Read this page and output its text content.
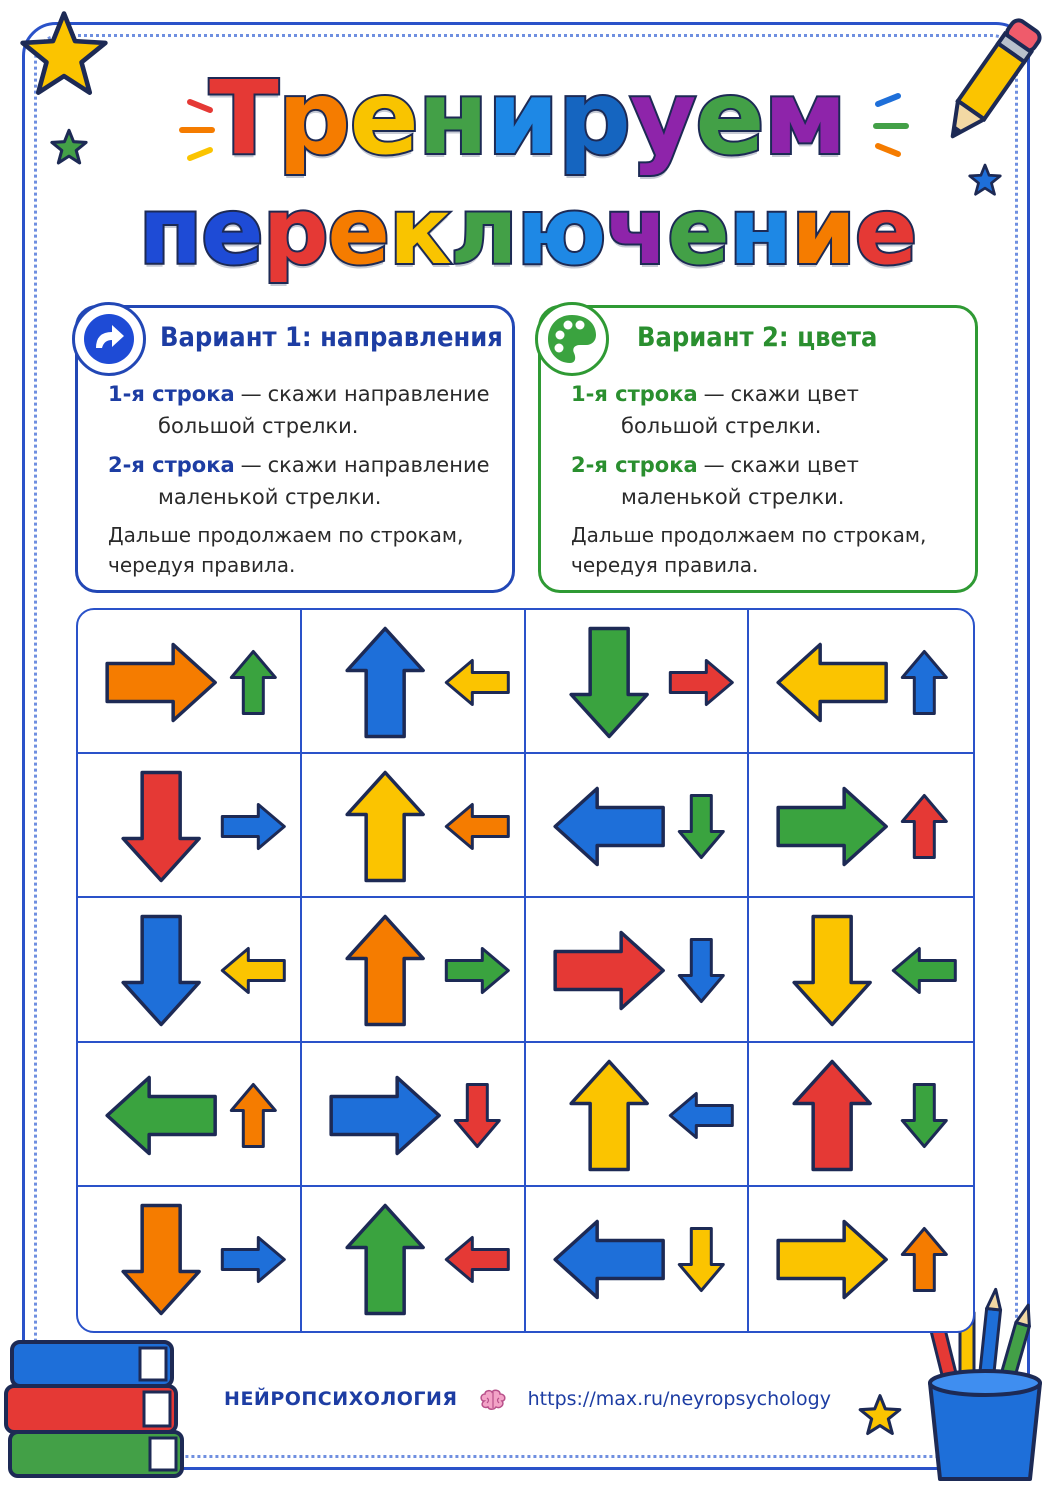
Тренируем
переключение
Вариант 1: направления
1-я строка — скажи направление
большой стрелки.
2-я строка — скажи направление
маленькой стрелки.
Дальше продолжаем по строкам, чередуя правила.
Вариант 2: цвета
1-я строка — скажи цвет
большой стрелки.
2-я строка — скажи цвет
маленькой стрелки.
Дальше продолжаем по строкам, чередуя правила.
НЕЙРОПСИХОЛОГИЯ	https://max.ru/neyropsychology
